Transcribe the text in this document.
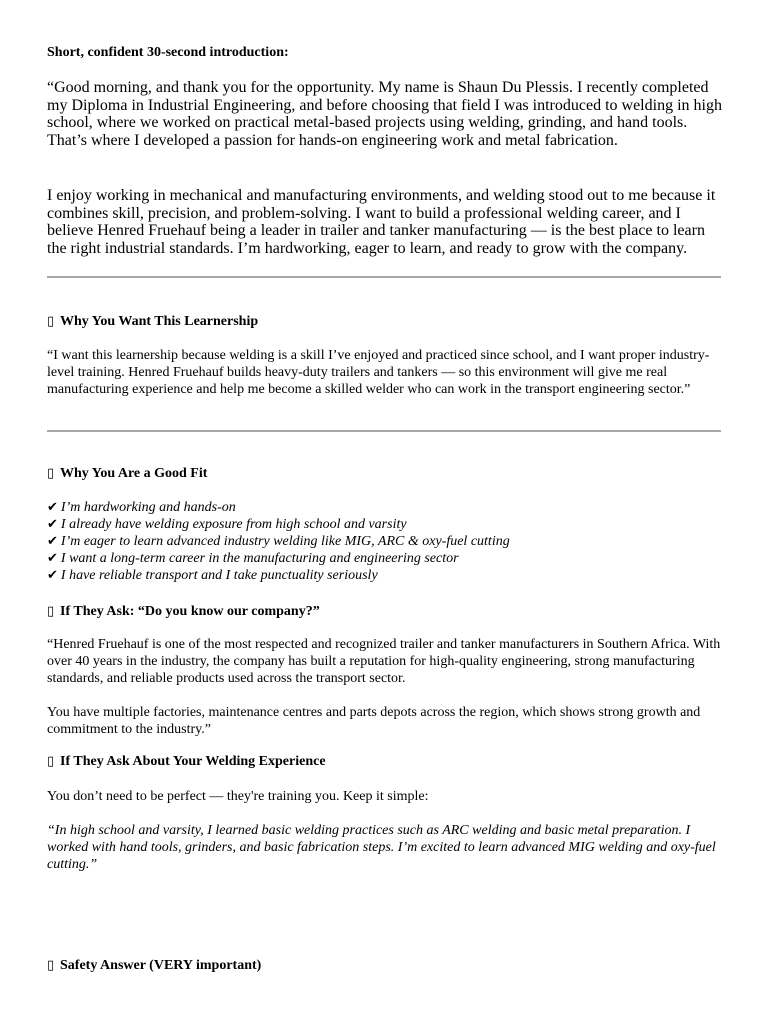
Short, confident 30-second introduction:

“Good morning, and thank you for the opportunity. My name is Shaun Du Plessis. I recently completed my Diploma in Industrial Engineering, and before choosing that field I was introduced to welding in high school, where we worked on practical metal-based projects using welding, grinding, and hand tools. That’s where I developed a passion for hands-on engineering work and metal fabrication.

I enjoy working in mechanical and manufacturing environments, and welding stood out to me because it combines skill, precision, and problem-solving. I want to build a professional welding career, and I believe Henred Fruehauf being a leader in trailer and tanker manufacturing — is the best place to learn the right industrial standards. I’m hardworking, eager to learn, and ready to grow with the company.

▯ Why You Want This Learnership

“I want this learnership because welding is a skill I’ve enjoyed and practiced since school, and I want proper industry-level training. Henred Fruehauf builds heavy-duty trailers and tankers — so this environment will give me real manufacturing experience and help me become a skilled welder who can work in the transport engineering sector.”

▯ Why You Are a Good Fit

✔ I’m hardworking and hands-on
✔ I already have welding exposure from high school and varsity
✔ I’m eager to learn advanced industry welding like MIG, ARC & oxy-fuel cutting
✔ I want a long-term career in the manufacturing and engineering sector
✔ I have reliable transport and I take punctuality seriously

▯ If They Ask: “Do you know our company?”

“Henred Fruehauf is one of the most respected and recognized trailer and tanker manufacturers in Southern Africa. With over 40 years in the industry, the company has built a reputation for high-quality engineering, strong manufacturing standards, and reliable products used across the transport sector.

You have multiple factories, maintenance centres and parts depots across the region, which shows strong growth and commitment to the industry.”

▯ If They Ask About Your Welding Experience

You don’t need to be perfect — they're training you. Keep it simple:

“In high school and varsity, I learned basic welding practices such as ARC welding and basic metal preparation. I worked with hand tools, grinders, and basic fabrication steps. I’m excited to learn advanced MIG welding and oxy-fuel cutting.”

▯ Safety Answer (VERY important)
